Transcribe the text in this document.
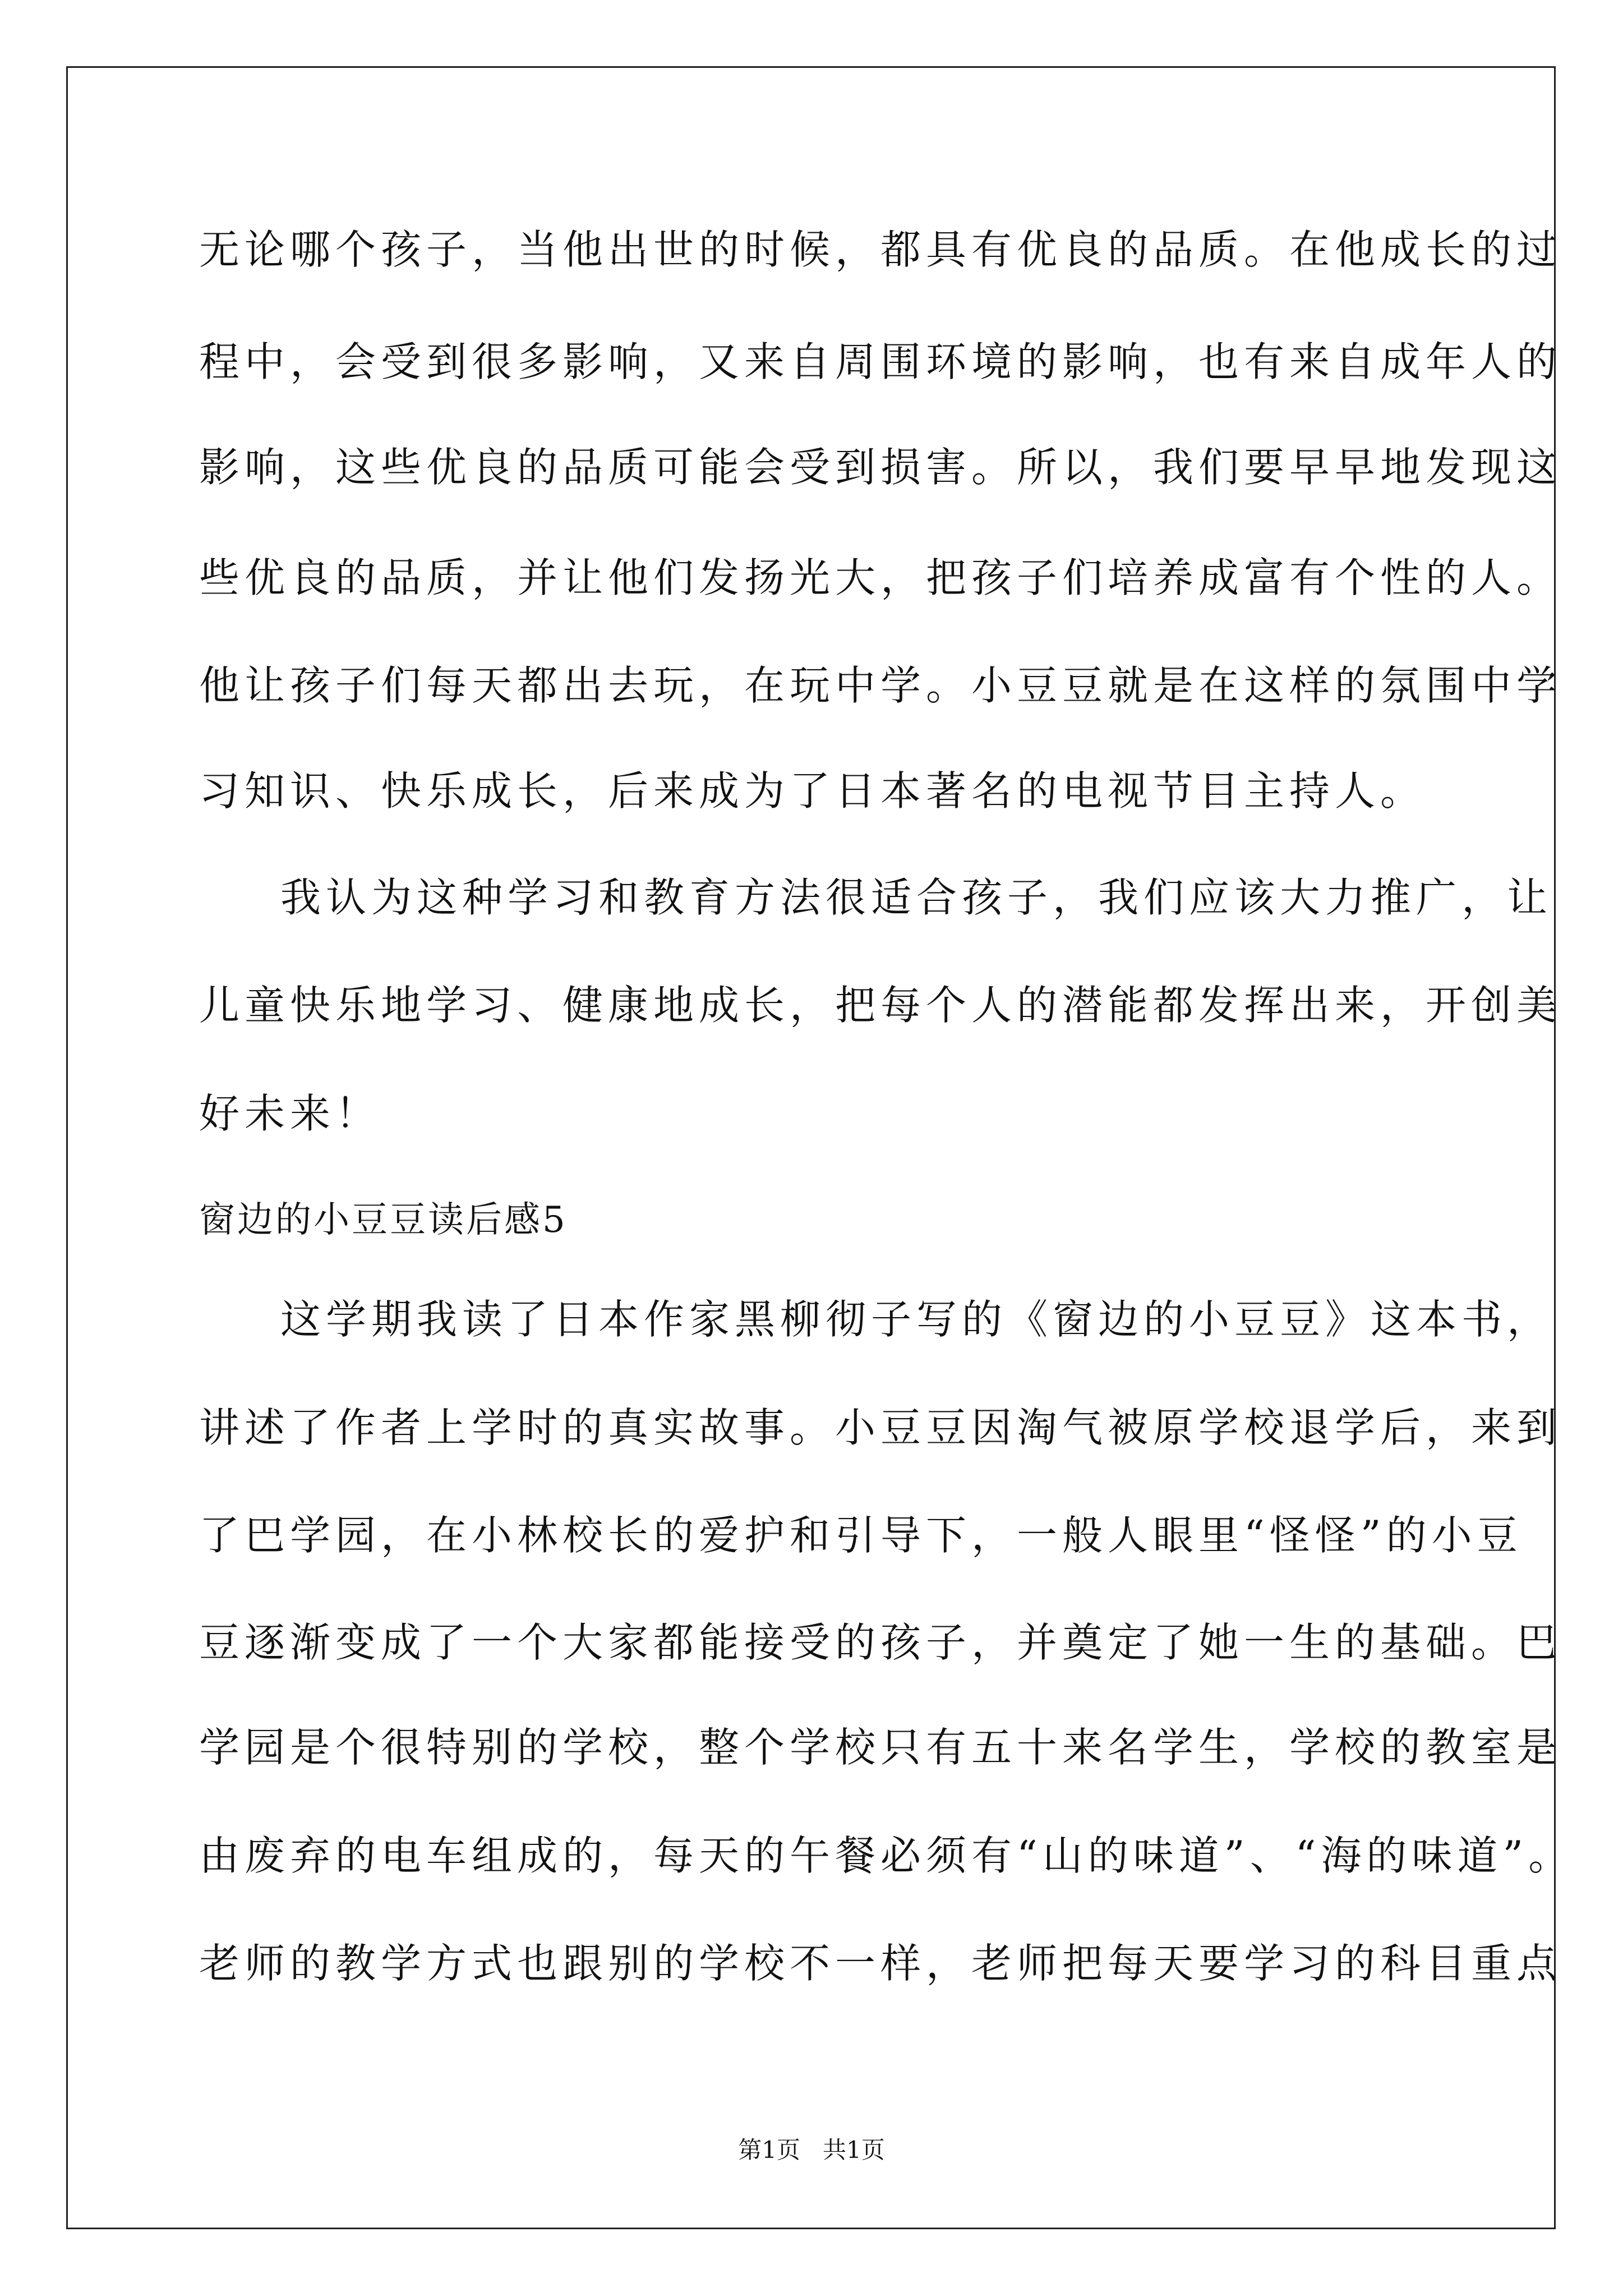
无论哪个孩子，当他出世的时候，都具有优良的品质。在他成长的过
程中，会受到很多影响，又来自周围环境的影响，也有来自成年人的
影响，这些优良的品质可能会受到损害。所以，我们要早早地发现这
些优良的品质，并让他们发扬光大，把孩子们培养成富有个性的人。
他让孩子们每天都出去玩，在玩中学。小豆豆就是在这样的氛围中学
习知识、快乐成长，后来成为了日本著名的电视节目主持人。
我认为这种学习和教育方法很适合孩子，我们应该大力推广，让
儿童快乐地学习、健康地成长，把每个人的潜能都发挥出来，开创美
好未来！
窗边的小豆豆读后感5
这学期我读了日本作家黑柳彻子写的《窗边的小豆豆》这本书，
讲述了作者上学时的真实故事。小豆豆因淘气被原学校退学后，来到
了巴学园，在小林校长的爱护和引导下，一般人眼里“怪怪”的小豆
豆逐渐变成了一个大家都能接受的孩子，并奠定了她一生的基础。巴
学园是个很特别的学校，整个学校只有五十来名学生，学校的教室是
由废弃的电车组成的，每天的午餐必须有“山的味道”、“海的味道”。
老师的教学方式也跟别的学校不一样，老师把每天要学习的科目重点
第1页   共1页
